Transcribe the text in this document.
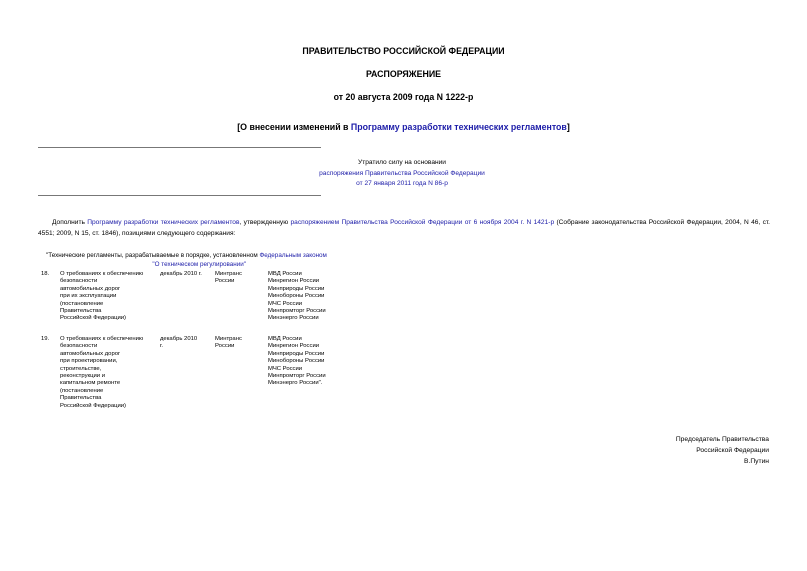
ПРАВИТЕЛЬСТВО РОССИЙСКОЙ ФЕДЕРАЦИИ
РАСПОРЯЖЕНИЕ
от 20 августа 2009 года N 1222-р
[О внесении изменений в Программу разработки технических регламентов]
Утратило силу на основании
распоряжения Правительства Российской Федерации
от 27 января 2011 года N 86-р
Дополнить Программу разработки технических регламентов, утвержденную распоряжением Правительства Российской Федерации от 6 ноября 2004 г. N 1421-р (Собрание законодательства Российской Федерации, 2004, N 46, ст. 4551; 2009, N 15, ст. 1846), позициями следующего содержания:
"Технические регламенты, разрабатываемые в порядке, установленном Федеральным законом
"О техническом регулировании"
18. О требованиях к обеспечению
безопасности
автомобильных дорог
при их эксплуатации
(постановление
Правительства
Российской Федерации)
декабрь 2010 г. Минтранс
России
МВД России
Минрегион России
Минприроды России
Минобороны России
МЧС России
Минпромторг России
Минэнерго России
19. О требованиях к обеспечению
безопасности
автомобильных дорог
при проектировании,
строительстве,
реконструкции и
капитальном ремонте
(постановление
Правительства
Российской Федерации)
декабрь 2010
г.
Минтранс
России
МВД России
Минрегион России
Минприроды России
Минобороны России
МЧС России
Минпромторг России
Минэнерго России".
Председатель Правительства
Российской Федерации
В.Путин
